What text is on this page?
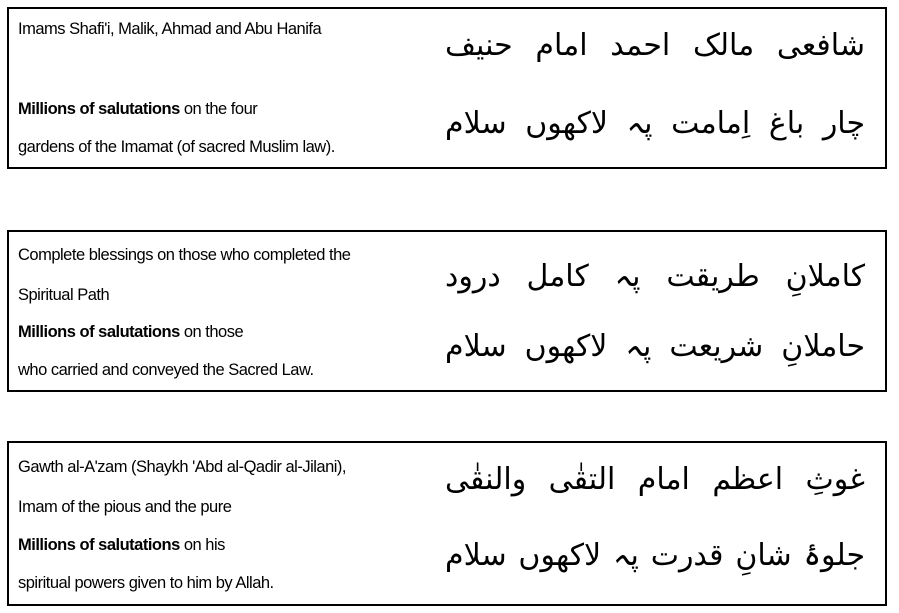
Imams Shafi'i, Malik, Ahmad and Abu Hanifa
Millions of salutations on the four
gardens of the Imamat (of sacred Muslim law).
شافعی مالک احمد امام حنیف
چار باغ اِمامت پہ لاکھوں سلام
Complete blessings on those who completed the
Spiritual Path
Millions of salutations on those
who carried and conveyed the Sacred Law.
کاملانِ طریقت پہ کامل درود
حاملانِ شریعت پہ لاکھوں سلام
Gawth al-A'zam (Shaykh 'Abd al-Qadir al-Jilani),
Imam of the pious and the pure
Millions of salutations on his
spiritual powers given to him by Allah.
غوثِ اعظم امام التقٰی والنقٰی
جلوۂ شانِ قدرت پہ لاکھوں سلام
